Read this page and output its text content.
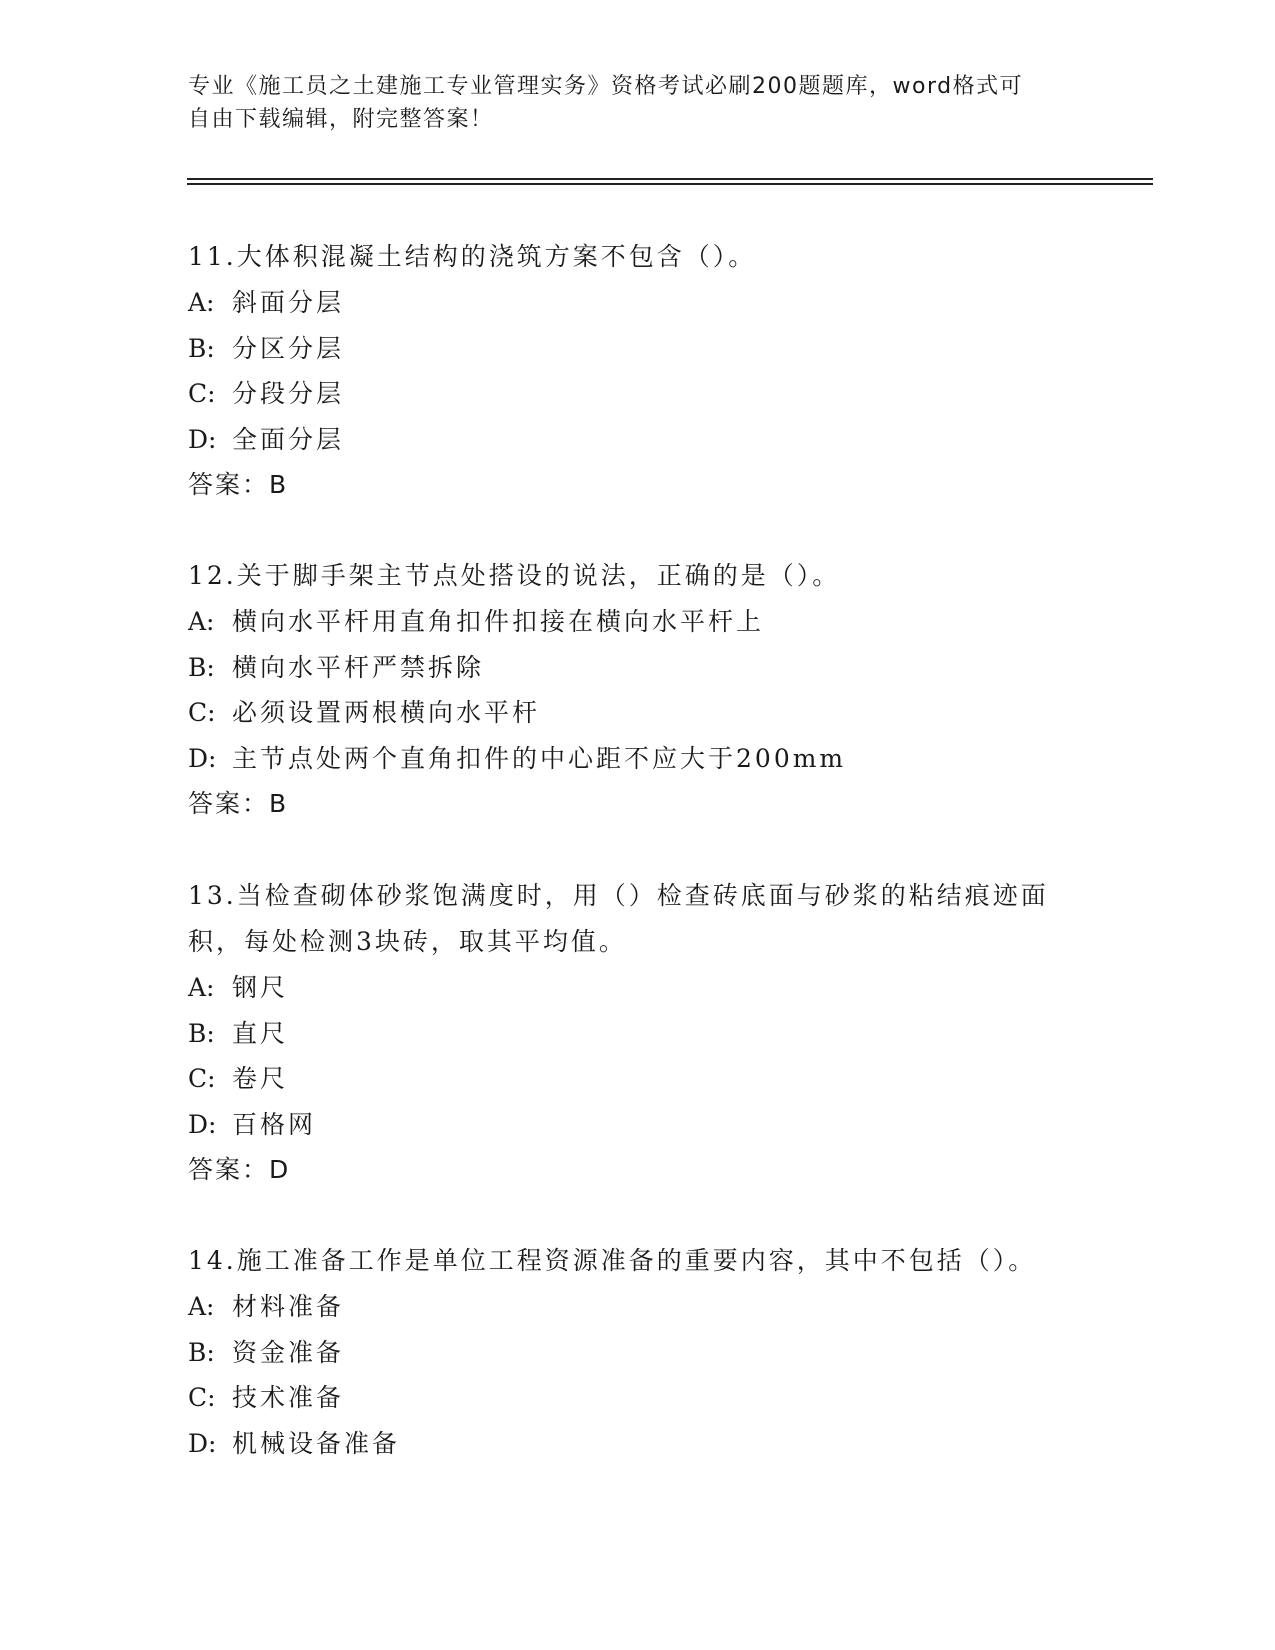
专业《施工员之土建施工专业管理实务》资格考试必刷200题题库，word格式可
自由下载编辑，附完整答案！
11.大体积混凝土结构的浇筑方案不包含（）。
A: 斜面分层
B: 分区分层
C: 分段分层
D: 全面分层
答案：B
12.关于脚手架主节点处搭设的说法，正确的是（）。
A: 横向水平杆用直角扣件扣接在横向水平杆上
B: 横向水平杆严禁拆除
C: 必须设置两根横向水平杆
D: 主节点处两个直角扣件的中心距不应大于200mm
答案：B
13.当检查砌体砂浆饱满度时，用（）检查砖底面与砂浆的粘结痕迹面
积，每处检测3块砖，取其平均值。
A: 钢尺
B: 直尺
C: 卷尺
D: 百格网
答案：D
14.施工准备工作是单位工程资源准备的重要内容，其中不包括（）。
A: 材料准备
B: 资金准备
C: 技术准备
D: 机械设备准备
